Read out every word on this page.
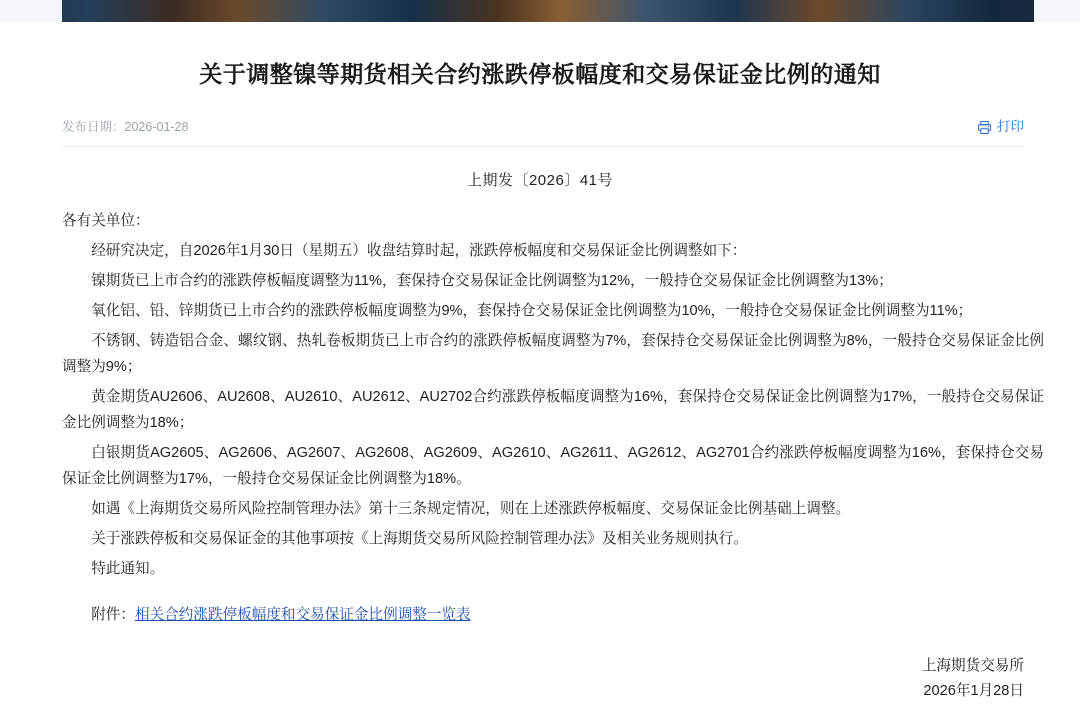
关于调整镍等期货相关合约涨跌停板幅度和交易保证金比例的通知
发布日期：2026-01-28	打印
上期发〔2026〕41号

各有关单位：

经研究决定，自2026年1月30日（星期五）收盘结算时起，涨跌停板幅度和交易保证金比例调整如下：

镍期货已上市合约的涨跌停板幅度调整为11%，套保持仓交易保证金比例调整为12%，一般持仓交易保证金比例调整为13%；

氧化铝、铅、锌期货已上市合约的涨跌停板幅度调整为9%，套保持仓交易保证金比例调整为10%，一般持仓交易保证金比例调整为11%；

不锈钢、铸造铝合金、螺纹钢、热轧卷板期货已上市合约的涨跌停板幅度调整为7%，套保持仓交易保证金比例调整为8%，一般持仓交易保证金比例调整为9%；

黄金期货AU2606、AU2608、AU2610、AU2612、AU2702合约涨跌停板幅度调整为16%，套保持仓交易保证金比例调整为17%，一般持仓交易保证金比例调整为18%；

白银期货AG2605、AG2606、AG2607、AG2608、AG2609、AG2610、AG2611、AG2612、AG2701合约涨跌停板幅度调整为16%，套保持仓交易保证金比例调整为17%，一般持仓交易保证金比例调整为18%。

如遇《上海期货交易所风险控制管理办法》第十三条规定情况，则在上述涨跌停板幅度、交易保证金比例基础上调整。

关于涨跌停板和交易保证金的其他事项按《上海期货交易所风险控制管理办法》及相关业务规则执行。

特此通知。

附件：相关合约涨跌停板幅度和交易保证金比例调整一览表
上海期货交易所
2026年1月28日
